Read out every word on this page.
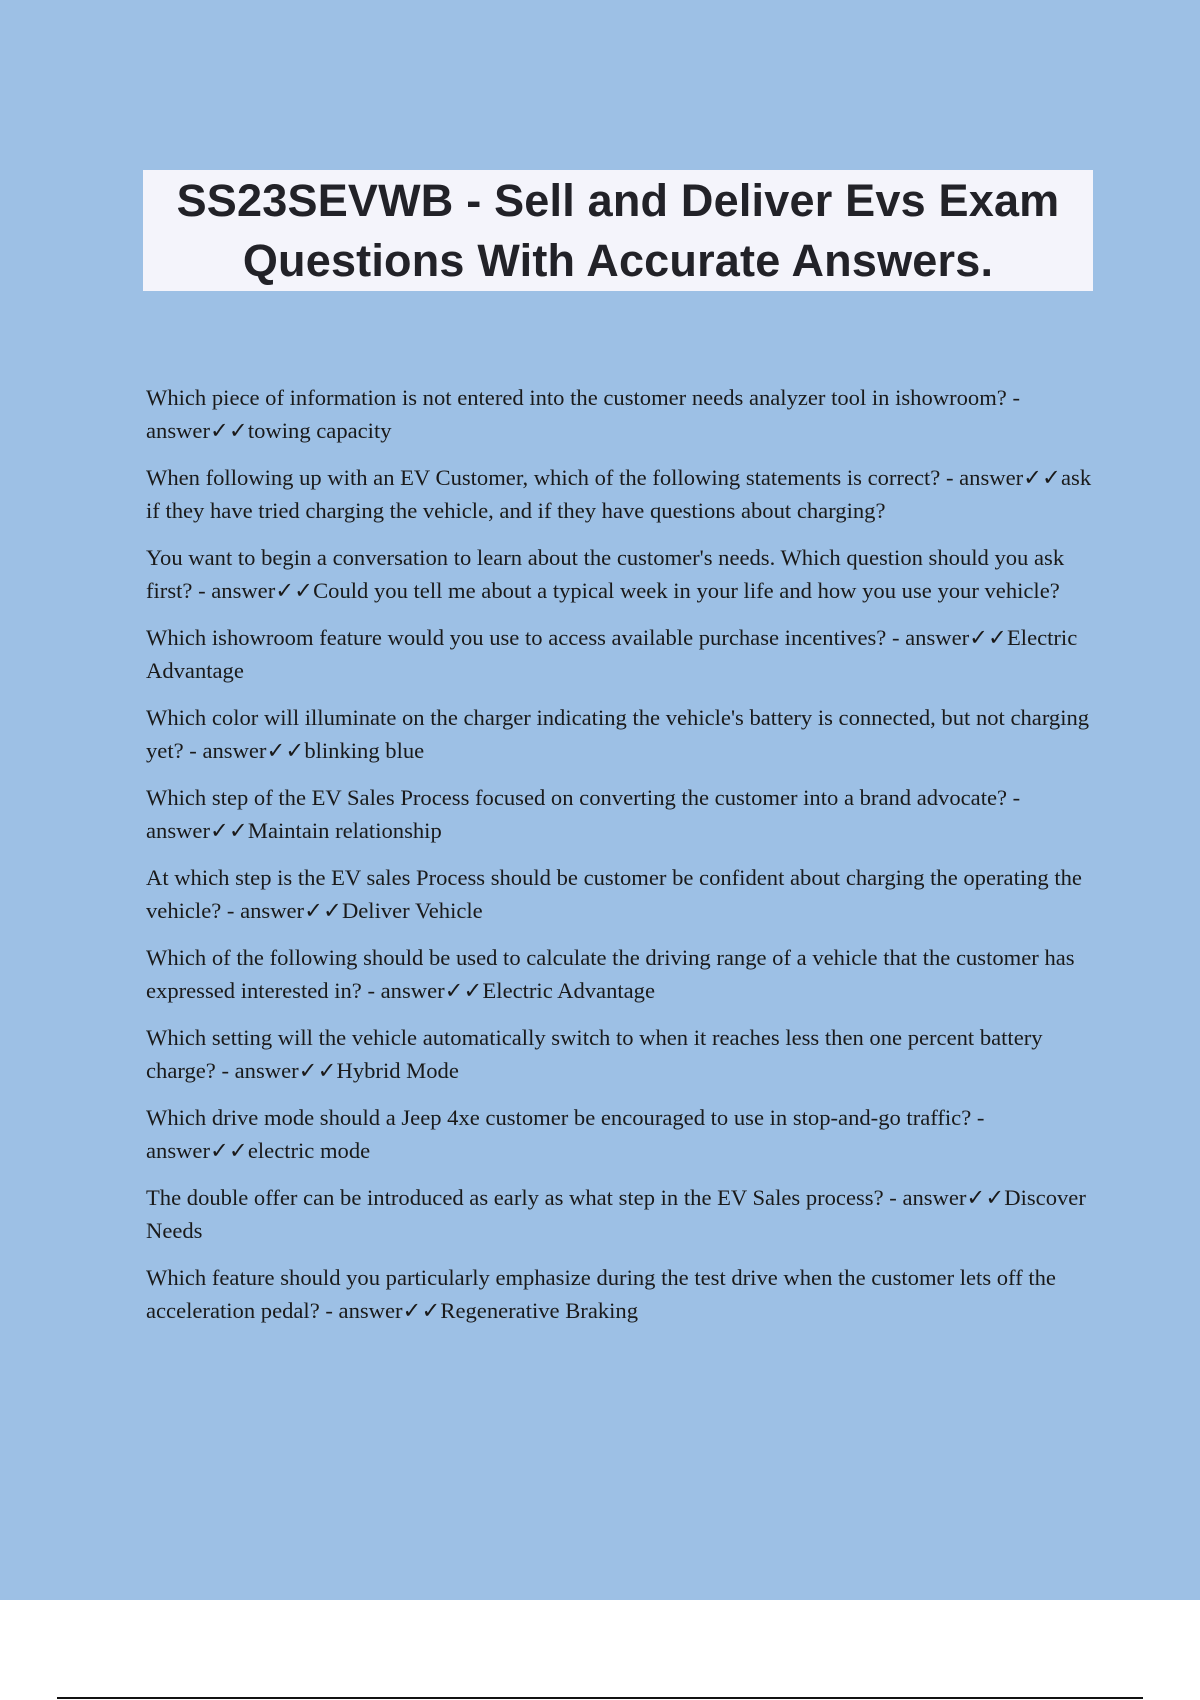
SS23SEVWB - Sell and Deliver Evs Exam Questions With Accurate Answers.
Which piece of information is not entered into the customer needs analyzer tool in ishowroom? - answer✓✓towing capacity
When following up with an EV Customer, which of the following statements is correct? - answer✓✓ask if they have tried charging the vehicle, and if they have questions about charging?
You want to begin a conversation to learn about the customer's needs. Which question should you ask first? - answer✓✓Could you tell me about a typical week in your life and how you use your vehicle?
Which ishowroom feature would you use to access available purchase incentives? - answer✓✓Electric Advantage
Which color will illuminate on the charger indicating the vehicle's battery is connected, but not charging yet? - answer✓✓blinking blue
Which step of the EV Sales Process focused on converting the customer into a brand advocate? - answer✓✓Maintain relationship
At which step is the EV sales Process should be customer be confident about charging the operating the vehicle? - answer✓✓Deliver Vehicle
Which of the following should be used to calculate the driving range of a vehicle that the customer has expressed interested in? - answer✓✓Electric Advantage
Which setting will the vehicle automatically switch to when it reaches less then one percent battery charge? - answer✓✓Hybrid Mode
Which drive mode should a Jeep 4xe customer be encouraged to use in stop-and-go traffic? - answer✓✓electric mode
The double offer can be introduced as early as what step in the EV Sales process? - answer✓✓Discover Needs
Which feature should you particularly emphasize during the test drive when the customer lets off the acceleration pedal? - answer✓✓Regenerative Braking
